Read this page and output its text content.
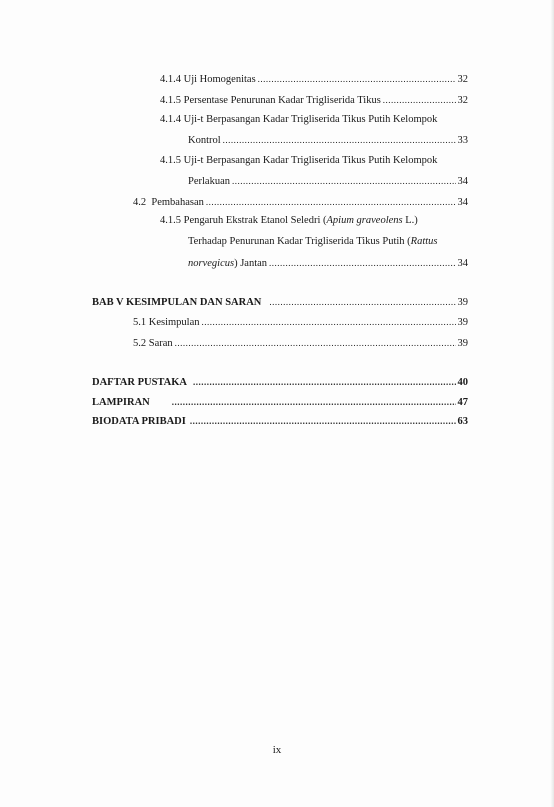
4.1.4 Uji Homogenitas .....	32
4.1.5 Persentase Penurunan Kadar Trigliserida Tikus .....	32
4.1.4 Uji-t Berpasangan Kadar Trigliserida Tikus Putih Kelompok
Kontrol .....	33
4.1.5 Uji-t Berpasangan Kadar Trigliserida Tikus Putih Kelompok
Perlakuan .....	34
4.2  Pembahasan .....	34
4.1.5 Pengaruh Ekstrak Etanol Seledri (Apium graveolens L.)
Terhadap Penurunan Kadar Trigliserida Tikus Putih (Rattus
norvegicus) Jantan .....	34
BAB V KESIMPULAN DAN SARAN .....	39
5.1 Kesimpulan .....	39
5.2 Saran .....	39
DAFTAR PUSTAKA .....	40
LAMPIRAN .....	47
BIODATA PRIBADI .....	63
ix
